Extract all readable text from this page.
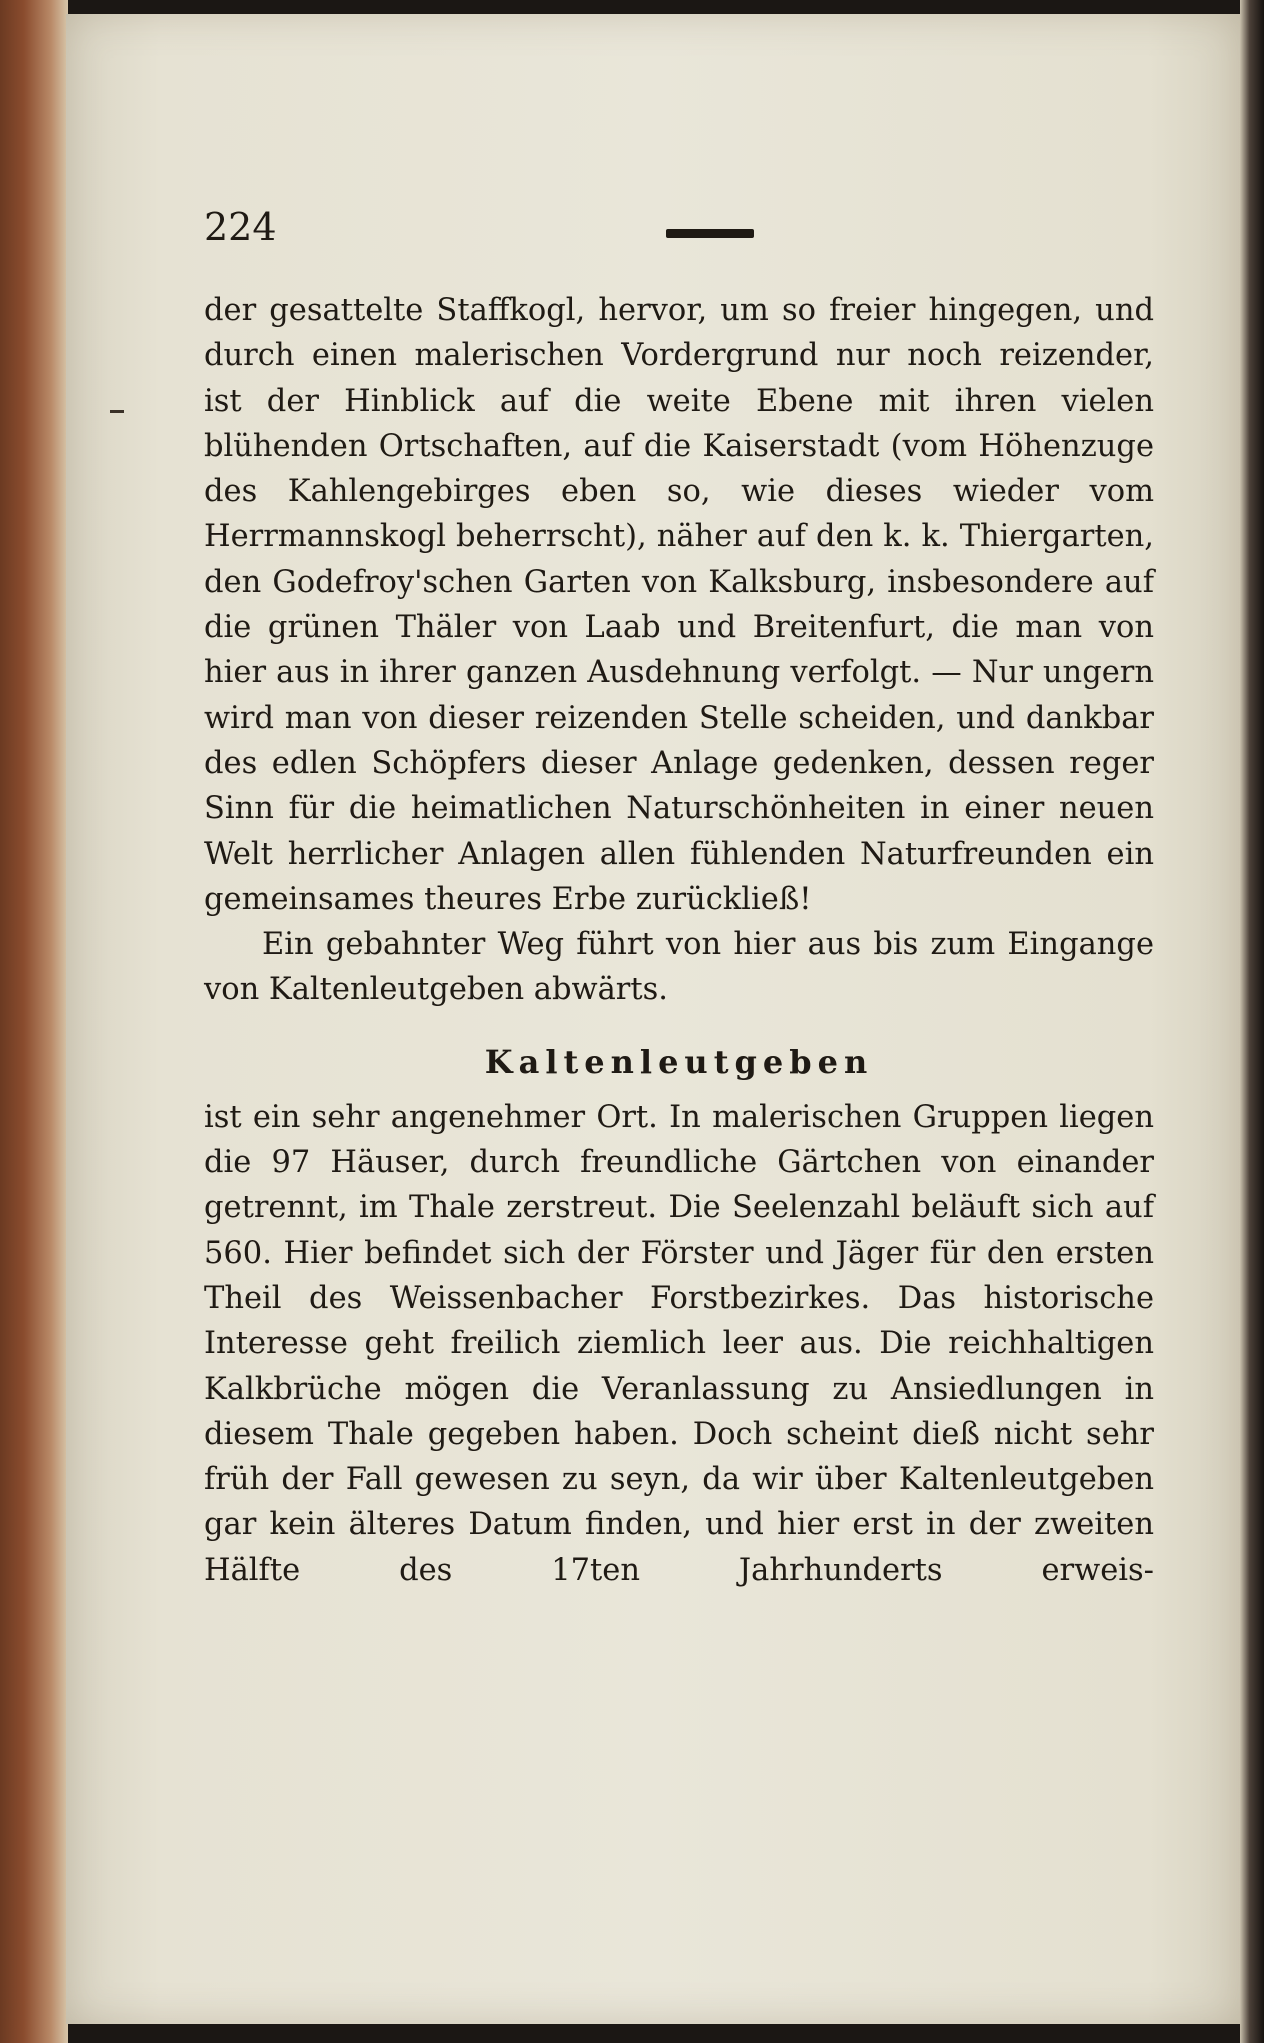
224

der gesattelte Staffkogl, hervor, um so freier hingegen, und durch einen malerischen Vordergrund nur noch reizender, ist der Hinblick auf die weite Ebene mit ihren vielen blühenden Ortschaften, auf die Kaiserstadt (vom Höhenzuge des Kahlengebirges eben so, wie dieses wieder vom Herrmannskogl beherrscht), näher auf den k. k. Thiergarten, den Godefroy'schen Garten von Kalksburg, insbesondere auf die grünen Thäler von Laab und Breitenfurt, die man von hier aus in ihrer ganzen Ausdehnung verfolgt. — Nur ungern wird man von dieser reizenden Stelle scheiden, und dankbar des edlen Schöpfers dieser Anlage gedenken, dessen reger Sinn für die heimatlichen Naturschönheiten in einer neuen Welt herrlicher Anlagen allen fühlenden Naturfreunden ein gemeinsames theures Erbe zurückließ!

Ein gebahnter Weg führt von hier aus bis zum Eingange von Kaltenleutgeben abwärts.

Kaltenleutgeben

ist ein sehr angenehmer Ort. In malerischen Gruppen liegen die 97 Häuser, durch freundliche Gärtchen von einander getrennt, im Thale zerstreut. Die Seelenzahl beläuft sich auf 560. Hier befindet sich der Förster und Jäger für den ersten Theil des Weissenbacher Forstbezirkes. Das historische Interesse geht freilich ziemlich leer aus. Die reichhaltigen Kalkbrüche mögen die Veranlassung zu Ansiedlungen in diesem Thale gegeben haben. Doch scheint dieß nicht sehr früh der Fall gewesen zu seyn, da wir über Kaltenleutgeben gar kein älteres Datum finden, und hier erst in der zweiten Hälfte des 17ten Jahrhunderts erweis-
